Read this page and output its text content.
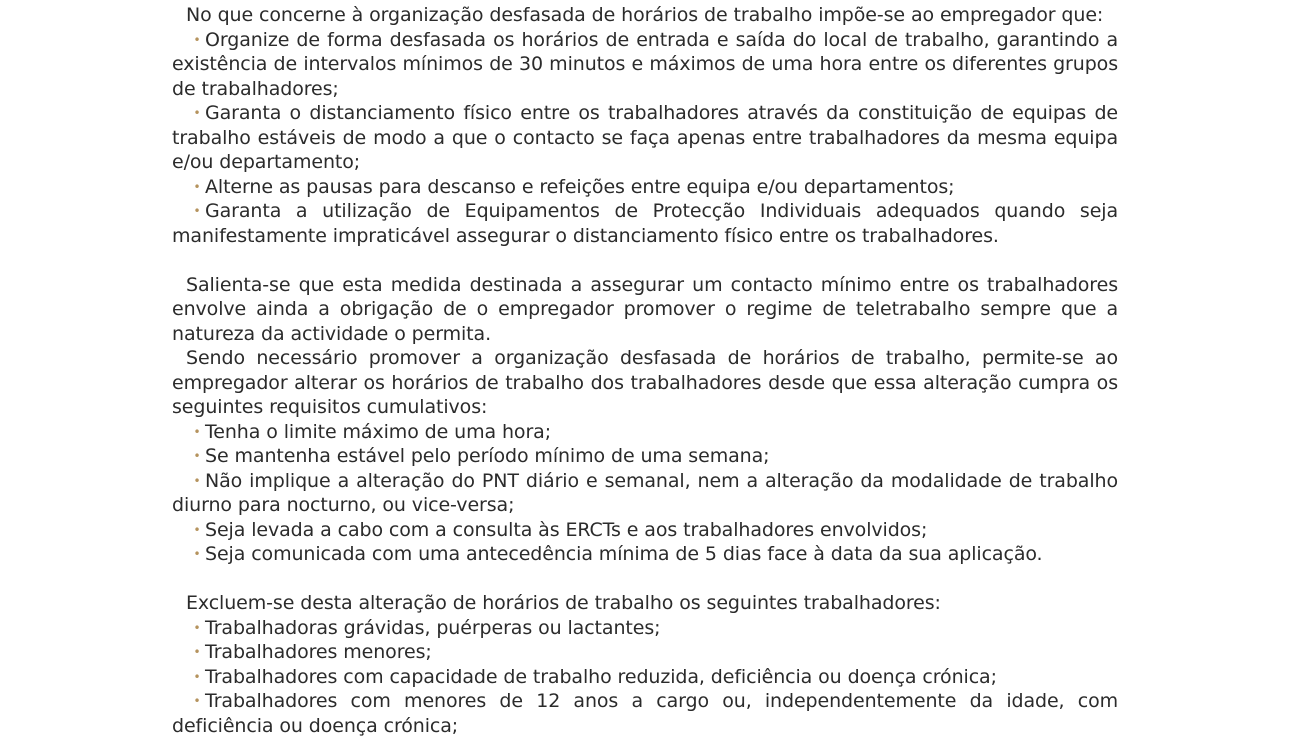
No que concerne à organização desfasada de horários de trabalho impõe-se ao empregador que:

• Organize de forma desfasada os horários de entrada e saída do local de trabalho, garantindo a existência de intervalos mínimos de 30 minutos e máximos de uma hora entre os diferentes grupos de trabalhadores;

• Garanta o distanciamento físico entre os trabalhadores através da constituição de equipas de trabalho estáveis de modo a que o contacto se faça apenas entre trabalhadores da mesma equipa e/ou departamento;

• Alterne as pausas para descanso e refeições entre equipa e/ou departamentos;

• Garanta a utilização de Equipamentos de Protecção Individuais adequados quando seja manifestamente impraticável assegurar o distanciamento físico entre os trabalhadores.

Salienta-se que esta medida destinada a assegurar um contacto mínimo entre os trabalhadores envolve ainda a obrigação de o empregador promover o regime de teletrabalho sempre que a natureza da actividade o permita.

Sendo necessário promover a organização desfasada de horários de trabalho, permite-se ao empregador alterar os horários de trabalho dos trabalhadores desde que essa alteração cumpra os seguintes requisitos cumulativos:

• Tenha o limite máximo de uma hora;

• Se mantenha estável pelo período mínimo de uma semana;

• Não implique a alteração do PNT diário e semanal, nem a alteração da modalidade de trabalho diurno para nocturno, ou vice-versa;

• Seja levada a cabo com a consulta às ERCTs e aos trabalhadores envolvidos;

• Seja comunicada com uma antecedência mínima de 5 dias face à data da sua aplicação.

Excluem-se desta alteração de horários de trabalho os seguintes trabalhadores:

• Trabalhadoras grávidas, puérperas ou lactantes;

• Trabalhadores menores;

• Trabalhadores com capacidade de trabalho reduzida, deficiência ou doença crónica;

• Trabalhadores com menores de 12 anos a cargo ou, independentemente da idade, com deficiência ou doença crónica;
